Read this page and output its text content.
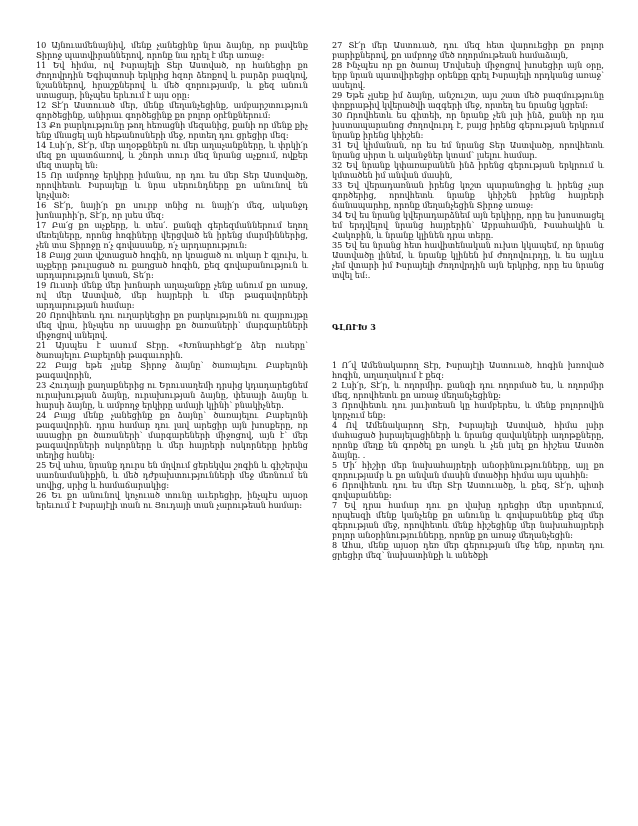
10 Այնուամենայնիվ, մենք չանեցինք նրա ձայնը, որ բավենք Տիրոջ պատվիրաններով, որոնք նա դրել է մեր առաջ:

11 Եվ հիմա, ով Իսրայելի Տեր Աստված, որ հանեցիր քո ժողովրդին Եգիպտոսի երկրից հզոր ձեռքով և բարձր բազկով, նշաններով, հրաշքներով և մեծ զորությամբ, և քեզ անուն ստացար, ինչպես երևում է այս օրը:

12 Տէ՛ր Աստուած մեր, մենք մեղանչեցինք, ամբարշտություն գործեցինք, անիրաւ գործեցինք քո բոլոր օրէնքներում:

13 Քո բարկությունը թող հեռացնի մեզանից, քանի որ մենք քիչ ենք մնացել այն հեթանոսների մեջ, որտեղ դու ցրեցիր մեզ:

14 Լսի՛ր, Տէ՛ր, մեր աղօթքներն ու մեր աղաչանքները, և փրկի՛ր մեզ քո պատճառով, և շնորհ տուր մեզ նրանց աչքում, ովքեր մեզ տարել են:

15 Որ ամբողջ երկիրը իմանա, որ դու ես մեր Տեր Աստվածը, որովհետև Իսրայելը և նրա սերունդները քո անունով են կոչված:

16 Տէ՛ր, նայի՛ր քո սուրբ տնից ու նայի՛ր մեզ, ականջդ խոնարհի՛ր, Տէ՛ր, որ լսես մեզ:

17 Բա՛ց քո աչքերը, և տես՛. քանզի գերեզմաններում եղող մեռելները, որոնց հոգիները վերցված են իրենց մարմիններից, չեն տա Տիրոջը ո՛չ գովասանք, ո՛չ արդարություն:

18 Բայց շատ վշտացած հոգին, որ կռացած ու տկար է գլուխ, և աչքերը թուլացած ու քաղցած հոգին, քեզ գովաբանություն և արդարություն կտան, Տե՛ր:

19 Ուստի մենք մեր խոնարհ աղաչանքը չենք անում քո առաջ, ով մեր Աստված, մեր հայրերի և մեր թագավորների արդարության համար:

20 Որովհետև դու ուղարկեցիր քո բարկությունն ու զայրույթը մեզ վրա, ինչպես որ ասացիր քո ծառաների՝ մարգարեների միջոցով անելով.

21 Այսպես է ասում Տէրը. «Խոնարհեցէ՛ք ձեր ուսերը՝ ծառայելու Բաբելոնի թագաւորին.

22 Բայց եթե չլսեք Տիրոջ ձայնը՝ ծառայելու Բաբելոնի թագավորին,

23 Հուդայի քաղաքներից ու Երուսաղեմի դրսից կդադարեցնեմ ուրախության ձայնը, ուրախության ձայնը, փեսայի ձայնը և հարսի ձայնը, և ամբողջ երկիրը ամայի կլինի՝ բնակիչներ.

24 Բայց մենք չանեցինք քո ձայնը՝ ծառայելու Բաբելոնի թագավորին. դրա համար դու լավ արեցիր այն խոսքերը, որ ասացիր քո ծառաների՝ մարգարեների միջոցով, այն է՝ մեր թագավորների ոսկորները և մեր հայրերի ոսկորները իրենց տեղից հանել:

25 Եվ ահա, նրանք դուրս են մղվում ցերեկվա շոգին և գիշերվա սառնամանիքին, և մեծ դժբախտությունների մեջ մեռնում են սովից, սրից և համաճարակից:

26 Եւ քո անունով կոչուած տունը աւերեցիր, ինչպէս այսօր երեւում է Իսրայէլի տան ու Յուդայի տան չարութեան համար:

27 Տէ՛ր մեր Աստուած, դու մեզ հետ վարուեցիր քո բոլոր բարիքներով, քո ամբողջ մեծ ողորմութեան համաձայն,

28 Ինչպես որ քո ծառայ Մովսեսի միջոցով խոսեցիր այն օրը, երբ նրան պատվիրեցիր օրենքը գրել Իսրայելի որդկանց առաջ՝ ասելով.

29 Եթե չլսեք իմ ձայնը, անշուշտ, այս շատ մեծ բազմությունը փոքրաթիվ կվերածվի ազգերի մեջ, որտեղ ես նրանց կցրեմ:

30 Որովհետև ես գիտեի, որ նրանք չեն լսի ինձ, քանի որ դա խստապարանոց ժողովուրդ է, բայց իրենց գերության երկրում նրանք իրենց կհիշեն:

31 Եվ կիմանան, որ ես եմ նրանց Տեր Աստվածը, որովհետև նրանց սիրտ և ականջներ կտամ՝ լսելու համար.

32 Եվ նրանք կփառաբանեն ինձ իրենց գերության երկրում և կմտածեն իմ անվան մասին,

33 Եվ վերադառնան իրենց կոշտ պարանոցից և իրենց չար գործերից, որովհետև նրանք կհիշեն իրենց հայրերի ճանապարհը, որոնք մեղանչեցին Տիրոջ առաջ:

34 Եվ ես նրանց կվերադարձնեմ այն երկիրը, որը ես խոստացել եմ երդվելով նրանց հայրերին՝ Աբրահամին, Իսահակին և Հակոբին, և նրանք կլինեն դրա տերը.

35 Եվ ես նրանց հետ հավիտենական ուխտ կկապեմ, որ նրանց Աստվածը լինեմ, և նրանք կլինեն իմ ժողովուրդը, և ես այլևս չեմ վտարի իմ Իսրայելի ժողովրդին այն երկրից, որը ես նրանց տվել եմ:.

ԳԼՈՒԽ 3

1 Ո՜վ Ամենակարող Տէր, Իսրայէլի Աստուած, հոգին խռոված հոգին, աղաղակում է քեզ:

2 Լսի՛ր, Տէ՛ր, և ողորմիր. քանզի դու ողորմած ես, և ողորմիր մեզ, որովհետև քո առաջ մեղանչեցինք:

3 Որովհետև դու յաւիտեան կը համբերես, և մենք բոլորովին կորչում ենք:

4 Ով Ամենակարող Տէր, Իսրայելի Աստված, հիմա լսիր մահացած իսրայելացիների և նրանց զավակների աղոթքները, որոնք մեղք են գործել քո առջև և չեն լսել քո հիշեա Աստծո ձայնը. .

5 Մի՛ հիշիր մեր նախահայրերի անօրինությունները, այլ քո զորությամբ և քո անվան մասին մտածիր հիմա այս պահին:

6 Որովհետև դու ես մեր Տէր Աստուածը, և քեզ, Տէ՛ր, պիտի գովաբանենք:

7 Եվ դրա համար դու քո վախը դրեցիր մեր սրտերում, որպեսզի մենք կանչենք քո անունը և գովաբանենք քեզ մեր գերության մեջ, որովհետև մենք հիշեցինք մեր նախահայրերի բոլոր անօրինությունները, որոնք քո առաջ մեղանչեցին:

8 Ահա, մենք այսօր դեռ մեր գերության մեջ ենք, որտեղ դու ցրեցիր մեզ՝ նախատինքի և անեծքի
